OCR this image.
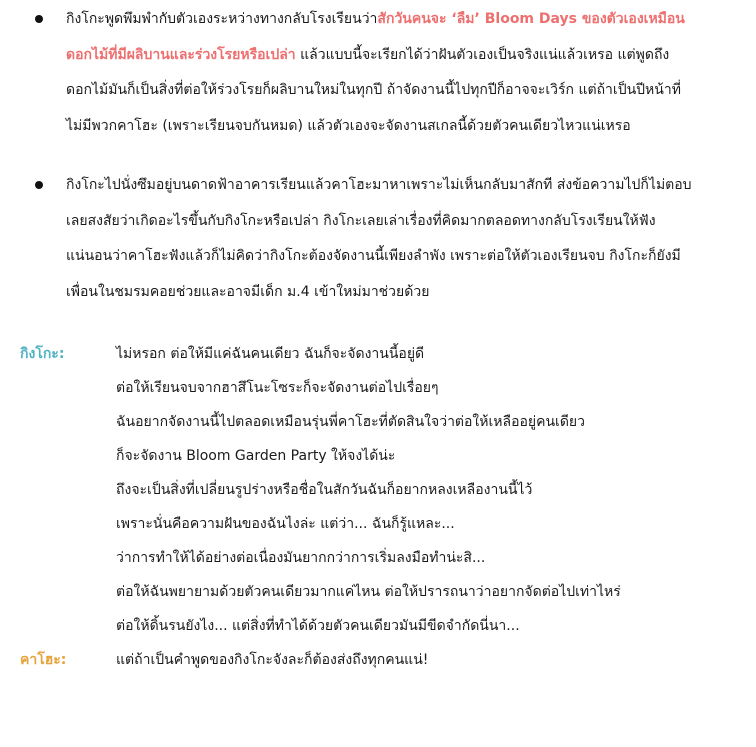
กิงโกะพูดพึมพำกับตัวเองระหว่างทางกลับโรงเรียนว่าสักวันคนจะ ‘ลืม’ Bloom Days ของตัวเองเหมือน
ดอกไม้ที่มีผลิบานและร่วงโรยหรือเปล่า แล้วแบบนี้จะเรียกได้ว่าฝันตัวเองเป็นจริงแน่แล้วเหรอ แต่พูดถึง
ดอกไม้มันก็เป็นสิ่งที่ต่อให้ร่วงโรยก็ผลิบานใหม่ในทุกปี ถ้าจัดงานนี้ไปทุกปีก็อาจจะเวิร์ก แต่ถ้าเป็นปีหน้าที่
ไม่มีพวกคาโฮะ (เพราะเรียนจบกันหมด) แล้วตัวเองจะจัดงานสเกลนี้ด้วยตัวคนเดียวไหวแน่เหรอ
กิงโกะไปนั่งซึมอยู่บนดาดฟ้าอาคารเรียนแล้วคาโฮะมาหาเพราะไม่เห็นกลับมาสักที ส่งข้อความไปก็ไม่ตอบ
เลยสงสัยว่าเกิดอะไรขึ้นกับกิงโกะหรือเปล่า กิงโกะเลยเล่าเรื่องที่คิดมากตลอดทางกลับโรงเรียนให้ฟัง
แน่นอนว่าคาโฮะฟังแล้วก็ไม่คิดว่ากิงโกะต้องจัดงานนี้เพียงลำพัง เพราะต่อให้ตัวเองเรียนจบ กิงโกะก็ยังมี
เพื่อนในชมรมคอยช่วยและอาจมีเด็ก ม.4 เข้าใหม่มาช่วยด้วย
กิงโกะ:	ไม่หรอก ต่อให้มีแค่ฉันคนเดียว ฉันก็จะจัดงานนี้อยู่ดี
ต่อให้เรียนจบจากฮาสึโนะโซระก็จะจัดงานต่อไปเรื่อยๆ
ฉันอยากจัดงานนี้ไปตลอดเหมือนรุ่นพี่คาโฮะที่ตัดสินใจว่าต่อให้เหลืออยู่คนเดียว
ก็จะจัดงาน Bloom Garden Party ให้จงได้น่ะ
ถึงจะเป็นสิ่งที่เปลี่ยนรูปร่างหรือชื่อในสักวันฉันก็อยากหลงเหลืองานนี้ไว้
เพราะนั่นคือความฝันของฉันไงล่ะ แต่ว่า... ฉันก็รู้แหละ...
ว่าการทำให้ได้อย่างต่อเนื่องมันยากกว่าการเริ่มลงมือทำน่ะสิ...
ต่อให้ฉันพยายามด้วยตัวคนเดียวมากแค่ไหน ต่อให้ปรารถนาว่าอยากจัดต่อไปเท่าไหร่
ต่อให้ดิ้นรนยังไง... แต่สิ่งที่ทำได้ด้วยตัวคนเดียวมันมีขีดจำกัดนี่นา...
คาโฮะ:	แต่ถ้าเป็นคำพูดของกิงโกะจังละก็ต้องส่งถึงทุกคนแน่!
